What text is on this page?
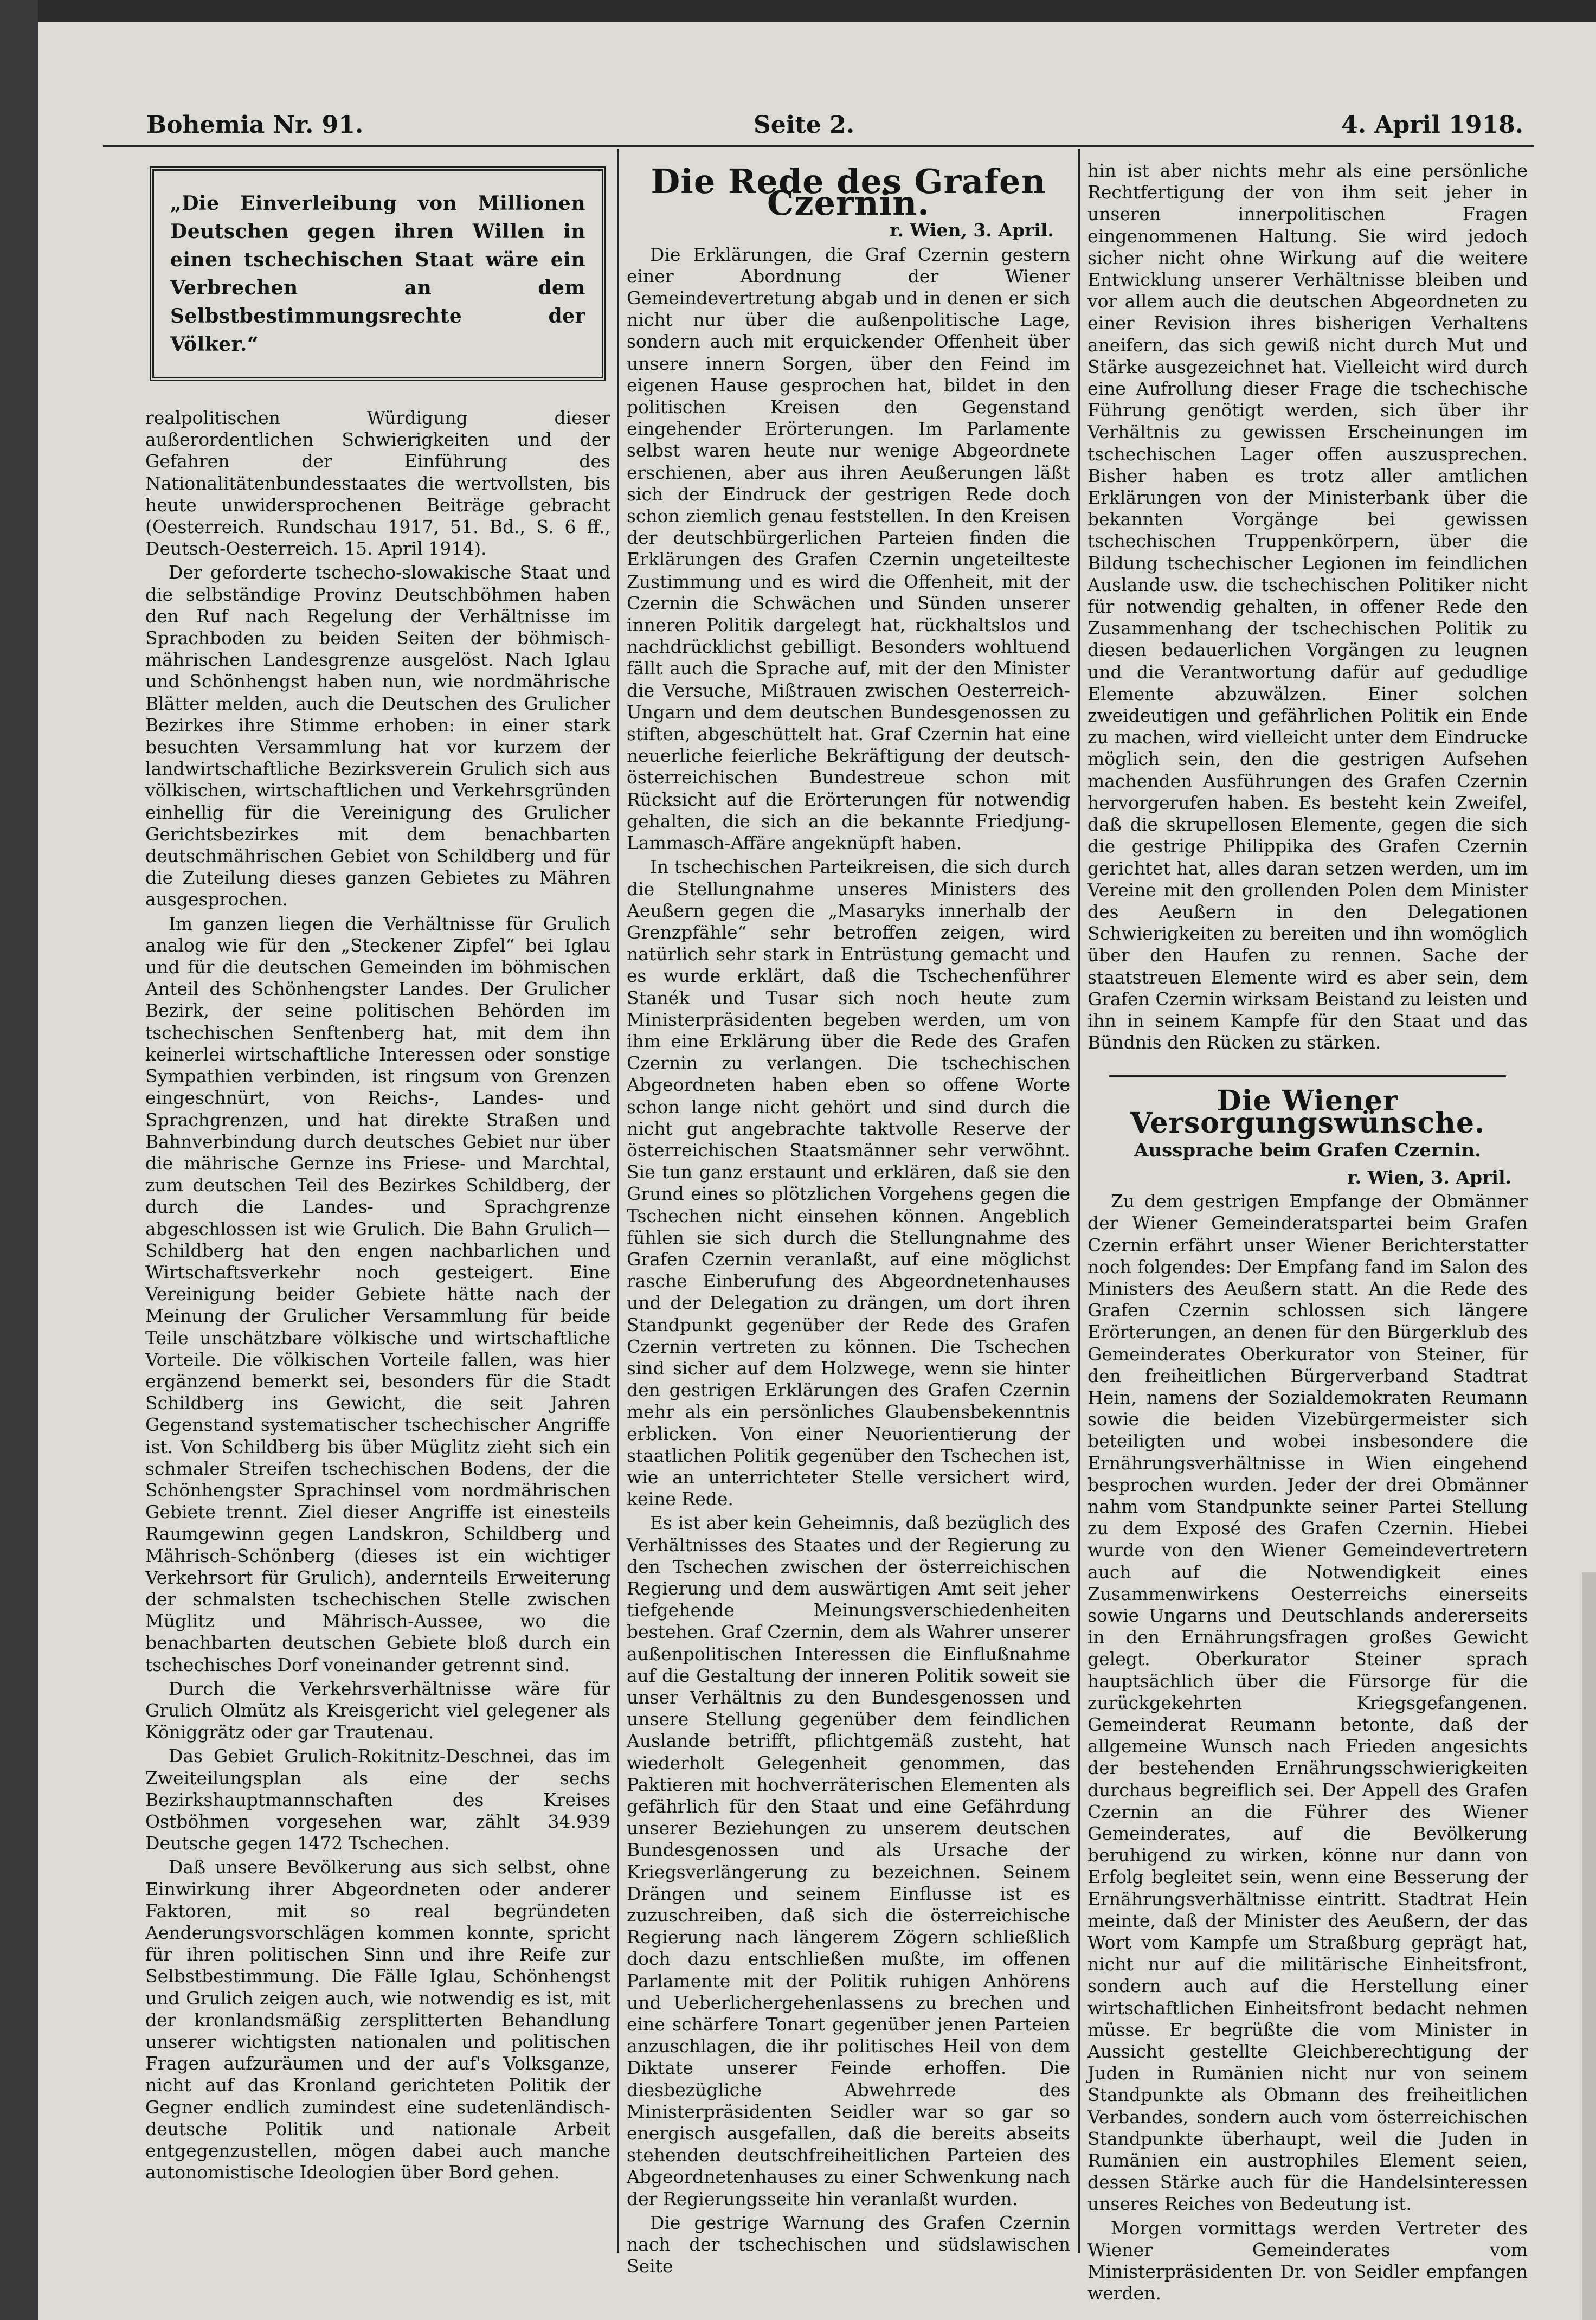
Bohemia Nr. 91.	Seite 2.	4. April 1918.
„Die Einverleibung von Millionen Deutschen gegen ihren Willen in einen tschechischen Staat wäre ein Verbrechen an dem Selbstbestimmungsrechte der Völker.“

realpolitischen Würdigung dieser außerordentlichen Schwierigkeiten und der Gefahren der Einführung des Nationalitätenbundesstaates die wertvollsten, bis heute unwidersprochenen Beiträge gebracht (Oesterreich. Rundschau 1917, 51. Bd., S. 6 ff., Deutsch-Oesterreich. 15. April 1914).

Der geforderte tschecho-slowakische Staat und die selbständige Provinz Deutschböhmen haben den Ruf nach Regelung der Verhältnisse im Sprachboden zu beiden Seiten der böhmisch-mährischen Landesgrenze ausgelöst. Nach Iglau und Schönhengst haben nun, wie nordmährische Blätter melden, auch die Deutschen des Grulicher Bezirkes ihre Stimme erhoben: in einer stark besuchten Versammlung hat vor kurzem der landwirtschaftliche Bezirksverein Grulich sich aus völkischen, wirtschaftlichen und Verkehrsgründen einhellig für die Vereinigung des Grulicher Gerichtsbezirkes mit dem benachbarten deutschmährischen Gebiet von Schildberg und für die Zuteilung dieses ganzen Gebietes zu Mähren ausgesprochen.

Im ganzen liegen die Verhältnisse für Grulich analog wie für den „Steckener Zipfel“ bei Iglau und für die deutschen Gemeinden im böhmischen Anteil des Schönhengster Landes. Der Grulicher Bezirk, der seine politischen Behörden im tschechischen Senftenberg hat, mit dem ihn keinerlei wirtschaftliche Interessen oder sonstige Sympathien verbinden, ist ringsum von Grenzen eingeschnürt, von Reichs-, Landes- und Sprachgrenzen, und hat direkte Straßen und Bahnverbindung durch deutsches Gebiet nur über die mährische Gernze ins Friese- und Marchtal, zum deutschen Teil des Bezirkes Schildberg, der durch die Landes- und Sprachgrenze abgeschlossen ist wie Grulich. Die Bahn Grulich—Schildberg hat den engen nachbarlichen und Wirtschaftsverkehr noch gesteigert. Eine Vereinigung beider Gebiete hätte nach der Meinung der Grulicher Versammlung für beide Teile unschätzbare völkische und wirtschaftliche Vorteile. Die völkischen Vorteile fallen, was hier ergänzend bemerkt sei, besonders für die Stadt Schildberg ins Gewicht, die seit Jahren Gegenstand systematischer tschechischer Angriffe ist. Von Schildberg bis über Müglitz zieht sich ein schmaler Streifen tschechischen Bodens, der die Schönhengster Sprachinsel vom nordmährischen Gebiete trennt. Ziel dieser Angriffe ist einesteils Raumgewinn gegen Landskron, Schildberg und Mährisch-Schönberg (dieses ist ein wichtiger Verkehrsort für Grulich), andernteils Erweiterung der schmalsten tschechischen Stelle zwischen Müglitz und Mährisch-Aussee, wo die benachbarten deutschen Gebiete bloß durch ein tschechisches Dorf voneinander getrennt sind.

Durch die Verkehrsverhältnisse wäre für Grulich Olmütz als Kreisgericht viel gelegener als Königgrätz oder gar Trautenau.

Das Gebiet Grulich-Rokitnitz-Deschnei, das im Zweiteilungsplan als eine der sechs Bezirkshauptmannschaften des Kreises Ostböhmen vorgesehen war, zählt 34.939 Deutsche gegen 1472 Tschechen.

Daß unsere Bevölkerung aus sich selbst, ohne Einwirkung ihrer Abgeordneten oder anderer Faktoren, mit so real begründeten Aenderungsvorschlägen kommen konnte, spricht für ihren politischen Sinn und ihre Reife zur Selbstbestimmung. Die Fälle Iglau, Schönhengst und Grulich zeigen auch, wie notwendig es ist, mit der kronlandsmäßig zersplitterten Behandlung unserer wichtigsten nationalen und politischen Fragen aufzuräumen und der auf's Volksganze, nicht auf das Kronland gerichteten Politik der Gegner endlich zumindest eine sudetenländisch-deutsche Politik und nationale Arbeit entgegenzustellen, mögen dabei auch manche autonomistische Ideologien über Bord gehen.

Die Rede des Grafen Czernin.
r. Wien, 3. April.

Die Erklärungen, die Graf Czernin gestern einer Abordnung der Wiener Gemeindevertretung abgab und in denen er sich nicht nur über die außenpolitische Lage, sondern auch mit erquickender Offenheit über unsere innern Sorgen, über den Feind im eigenen Hause gesprochen hat, bildet in den politischen Kreisen den Gegenstand eingehender Erörterungen. Im Parlamente selbst waren heute nur wenige Abgeordnete erschienen, aber aus ihren Aeußerungen läßt sich der Eindruck der gestrigen Rede doch schon ziemlich genau feststellen. In den Kreisen der deutschbürgerlichen Parteien finden die Erklärungen des Grafen Czernin ungeteilteste Zustimmung und es wird die Offenheit, mit der Czernin die Schwächen und Sünden unserer inneren Politik dargelegt hat, rückhaltslos und nachdrücklichst gebilligt. Besonders wohltuend fällt auch die Sprache auf, mit der den Minister die Versuche, Mißtrauen zwischen Oesterreich-Ungarn und dem deutschen Bundesgenossen zu stiften, abgeschüttelt hat. Graf Czernin hat eine neuerliche feierliche Bekräftigung der deutsch-österreichischen Bundestreue schon mit Rücksicht auf die Erörterungen für notwendig gehalten, die sich an die bekannte Friedjung-Lammasch-Affäre angeknüpft haben.

In tschechischen Parteikreisen, die sich durch die Stellungnahme unseres Ministers des Aeußern gegen die „Masaryks innerhalb der Grenzpfähle“ sehr betroffen zeigen, wird natürlich sehr stark in Entrüstung gemacht und es wurde erklärt, daß die Tschechenführer Stanék und Tusar sich noch heute zum Ministerpräsidenten begeben werden, um von ihm eine Erklärung über die Rede des Grafen Czernin zu verlangen. Die tschechischen Abgeordneten haben eben so offene Worte schon lange nicht gehört und sind durch die nicht gut angebrachte taktvolle Reserve der österreichischen Staatsmänner sehr verwöhnt. Sie tun ganz erstaunt und erklären, daß sie den Grund eines so plötzlichen Vorgehens gegen die Tschechen nicht einsehen können. Angeblich fühlen sie sich durch die Stellungnahme des Grafen Czernin veranlaßt, auf eine möglichst rasche Einberufung des Abgeordnetenhauses und der Delegation zu drängen, um dort ihren Standpunkt gegenüber der Rede des Grafen Czernin vertreten zu können. Die Tschechen sind sicher auf dem Holzwege, wenn sie hinter den gestrigen Erklärungen des Grafen Czernin mehr als ein persönliches Glaubensbekenntnis erblicken. Von einer Neuorientierung der staatlichen Politik gegenüber den Tschechen ist, wie an unterrichteter Stelle versichert wird, keine Rede.

Es ist aber kein Geheimnis, daß bezüglich des Verhältnisses des Staates und der Regierung zu den Tschechen zwischen der österreichischen Regierung und dem auswärtigen Amt seit jeher tiefgehende Meinungsverschiedenheiten bestehen. Graf Czernin, dem als Wahrer unserer außenpolitischen Interessen die Einflußnahme auf die Gestaltung der inneren Politik soweit sie unser Verhältnis zu den Bundesgenossen und unsere Stellung gegenüber dem feindlichen Auslande betrifft, pflichtgemäß zusteht, hat wiederholt Gelegenheit genommen, das Paktieren mit hochverräterischen Elementen als gefährlich für den Staat und eine Gefährdung unserer Beziehungen zu unserem deutschen Bundesgenossen und als Ursache der Kriegsverlängerung zu bezeichnen. Seinem Drängen und seinem Einflusse ist es zuzuschreiben, daß sich die österreichische Regierung nach längerem Zögern schließlich doch dazu entschließen mußte, im offenen Parlamente mit der Politik ruhigen Anhörens und Ueberlichergehenlassens zu brechen und eine schärfere Tonart gegenüber jenen Parteien anzuschlagen, die ihr politisches Heil von dem Diktate unserer Feinde erhoffen. Die diesbezügliche Abwehrrede des Ministerpräsidenten Seidler war so gar so energisch ausgefallen, daß die bereits abseits stehenden deutschfreiheitlichen Parteien des Abgeordnetenhauses zu einer Schwenkung nach der Regierungsseite hin veranlaßt wurden.

Die gestrige Warnung des Grafen Czernin nach der tschechischen und südslawischen Seite

hin ist aber nichts mehr als eine persönliche Rechtfertigung der von ihm seit jeher in unseren innerpolitischen Fragen eingenommenen Haltung. Sie wird jedoch sicher nicht ohne Wirkung auf die weitere Entwicklung unserer Verhältnisse bleiben und vor allem auch die deutschen Abgeordneten zu einer Revision ihres bisherigen Verhaltens aneifern, das sich gewiß nicht durch Mut und Stärke ausgezeichnet hat. Vielleicht wird durch eine Aufrollung dieser Frage die tschechische Führung genötigt werden, sich über ihr Verhältnis zu gewissen Erscheinungen im tschechischen Lager offen auszusprechen. Bisher haben es trotz aller amtlichen Erklärungen von der Ministerbank über die bekannten Vorgänge bei gewissen tschechischen Truppenkörpern, über die Bildung tschechischer Legionen im feindlichen Auslande usw. die tschechischen Politiker nicht für notwendig gehalten, in offener Rede den Zusammenhang der tschechischen Politik zu diesen bedauerlichen Vorgängen zu leugnen und die Verantwortung dafür auf gedudlige Elemente abzuwälzen. Einer solchen zweideutigen und gefährlichen Politik ein Ende zu machen, wird vielleicht unter dem Eindrucke möglich sein, den die gestrigen Aufsehen machenden Ausführungen des Grafen Czernin hervorgerufen haben. Es besteht kein Zweifel, daß die skrupellosen Elemente, gegen die sich die gestrige Philippika des Grafen Czernin gerichtet hat, alles daran setzen werden, um im Vereine mit den grollenden Polen dem Minister des Aeußern in den Delegationen Schwierigkeiten zu bereiten und ihn womöglich über den Haufen zu rennen. Sache der staatstreuen Elemente wird es aber sein, dem Grafen Czernin wirksam Beistand zu leisten und ihn in seinem Kampfe für den Staat und das Bündnis den Rücken zu stärken.

Die Wiener Versorgungswünsche.
Aussprache beim Grafen Czernin.
r. Wien, 3. April.

Zu dem gestrigen Empfange der Obmänner der Wiener Gemeinderatspartei beim Grafen Czernin erfährt unser Wiener Berichterstatter noch folgendes: Der Empfang fand im Salon des Ministers des Aeußern statt. An die Rede des Grafen Czernin schlossen sich längere Erörterungen, an denen für den Bürgerklub des Gemeinderates Oberkurator von Steiner, für den freiheitlichen Bürgerverband Stadtrat Hein, namens der Sozialdemokraten Reumann sowie die beiden Vizebürgermeister sich beteiligten und wobei insbesondere die Ernährungsverhältnisse in Wien eingehend besprochen wurden. Jeder der drei Obmänner nahm vom Standpunkte seiner Partei Stellung zu dem Exposé des Grafen Czernin. Hiebei wurde von den Wiener Gemeindevertretern auch auf die Notwendigkeit eines Zusammenwirkens Oesterreichs einerseits sowie Ungarns und Deutschlands andererseits in den Ernährungsfragen großes Gewicht gelegt. Oberkurator Steiner sprach hauptsächlich über die Fürsorge für die zurückgekehrten Kriegsgefangenen. Gemeinderat Reumann betonte, daß der allgemeine Wunsch nach Frieden angesichts der bestehenden Ernährungsschwierigkeiten durchaus begreiflich sei. Der Appell des Grafen Czernin an die Führer des Wiener Gemeinderates, auf die Bevölkerung beruhigend zu wirken, könne nur dann von Erfolg begleitet sein, wenn eine Besserung der Ernährungsverhältnisse eintritt. Stadtrat Hein meinte, daß der Minister des Aeußern, der das Wort vom Kampfe um Straßburg geprägt hat, nicht nur auf die militärische Einheitsfront, sondern auch auf die Herstellung einer wirtschaftlichen Einheitsfront bedacht nehmen müsse. Er begrüßte die vom Minister in Aussicht gestellte Gleichberechtigung der Juden in Rumänien nicht nur von seinem Standpunkte als Obmann des freiheitlichen Verbandes, sondern auch vom österreichischen Standpunkte überhaupt, weil die Juden in Rumänien ein austrophiles Element seien, dessen Stärke auch für die Handelsinteressen unseres Reiches von Bedeutung ist.

Morgen vormittags werden Vertreter des Wiener Gemeinderates vom Ministerpräsidenten Dr. von Seidler empfangen werden.
